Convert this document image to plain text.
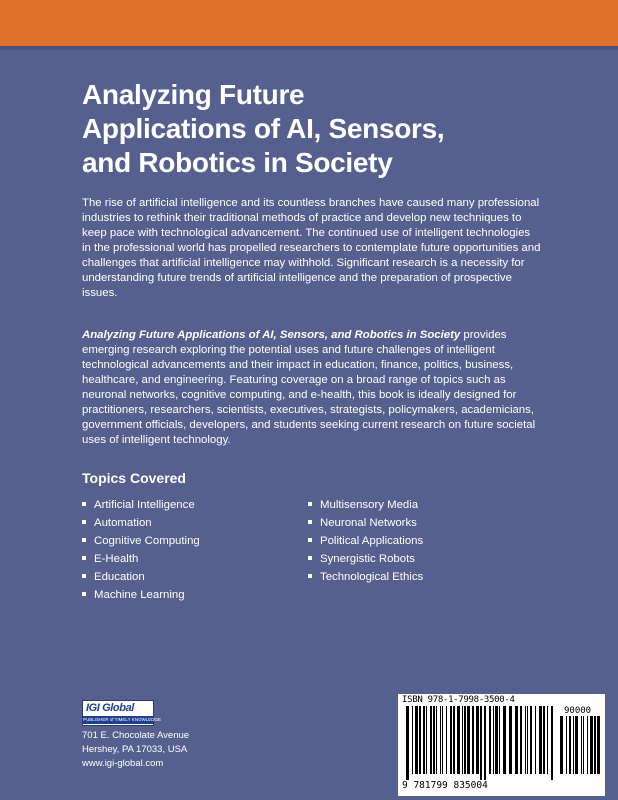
Analyzing Future
Applications of AI, Sensors,
and Robotics in Society

The rise of artificial intelligence and its countless branches have caused many professional industries to rethink their traditional methods of practice and develop new techniques to keep pace with technological advancement. The continued use of intelligent technologies in the professional world has propelled researchers to contemplate future opportunities and challenges that artificial intelligence may withhold. Significant research is a necessity for understanding future trends of artificial intelligence and the preparation of prospective issues.

Analyzing Future Applications of AI, Sensors, and Robotics in Society provides emerging research exploring the potential uses and future challenges of intelligent technological advancements and their impact in education, finance, politics, business, healthcare, and engineering. Featuring coverage on a broad range of topics such as neuronal networks, cognitive computing, and e-health, this book is ideally designed for practitioners, researchers, scientists, executives, strategists, policymakers, academicians, government officials, developers, and students seeking current research on future societal uses of intelligent technology.

Topics Covered
Artificial Intelligence
Automation
Cognitive Computing
E-Health
Education
Machine Learning
Multisensory Media
Neuronal Networks
Political Applications
Synergistic Robots
Technological Ethics
IGI Global
PUBLISHER of TIMELY KNOWLEDGE
701 E. Chocolate Avenue
Hershey, PA 17033, USA
www.igi-global.com
ISBN 978-1-7998-3500-4
90000
9 781799 835004
